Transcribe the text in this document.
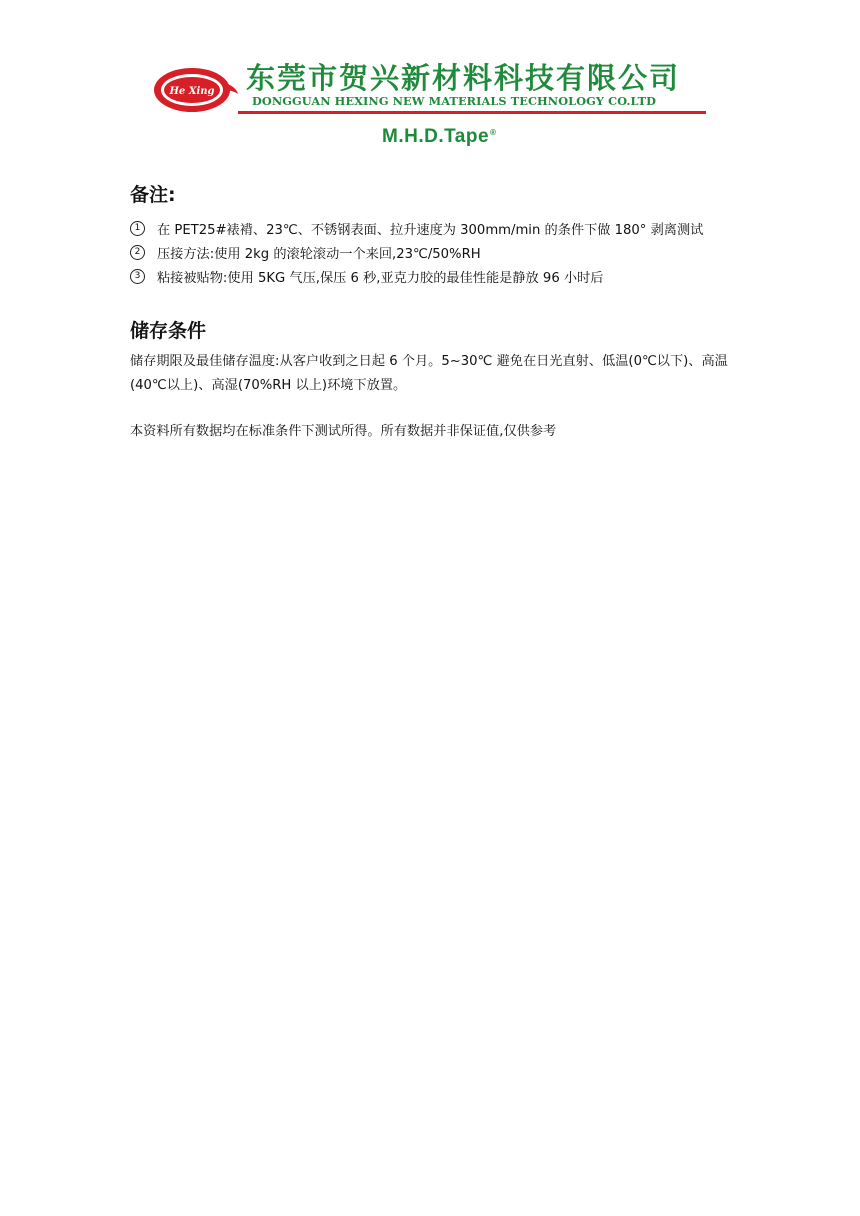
He Xing 东莞市贺兴新材料科技有限公司
DONGGUAN HEXING NEW MATERIALS TECHNOLOGY CO.LTD
M.H.D.Tape®
备注:
1	在 PET25#裱褙、23℃、不锈钢表面、拉升速度为 300mm/min 的条件下做 180° 剥离测试
2	压接方法:使用 2kg 的滚轮滚动一个来回,23℃/50%RH
3	粘接被贴物:使用 5KG 气压,保压 6 秒,亚克力胶的最佳性能是静放 96 小时后
储存条件

储存期限及最佳储存温度:从客户收到之日起 6 个月。5~30℃ 避免在日光直射、低温(0℃以下)、高温(40℃以上)、高湿(70%RH 以上)环境下放置。

本资料所有数据均在标准条件下测试所得。所有数据并非保证值,仅供参考
